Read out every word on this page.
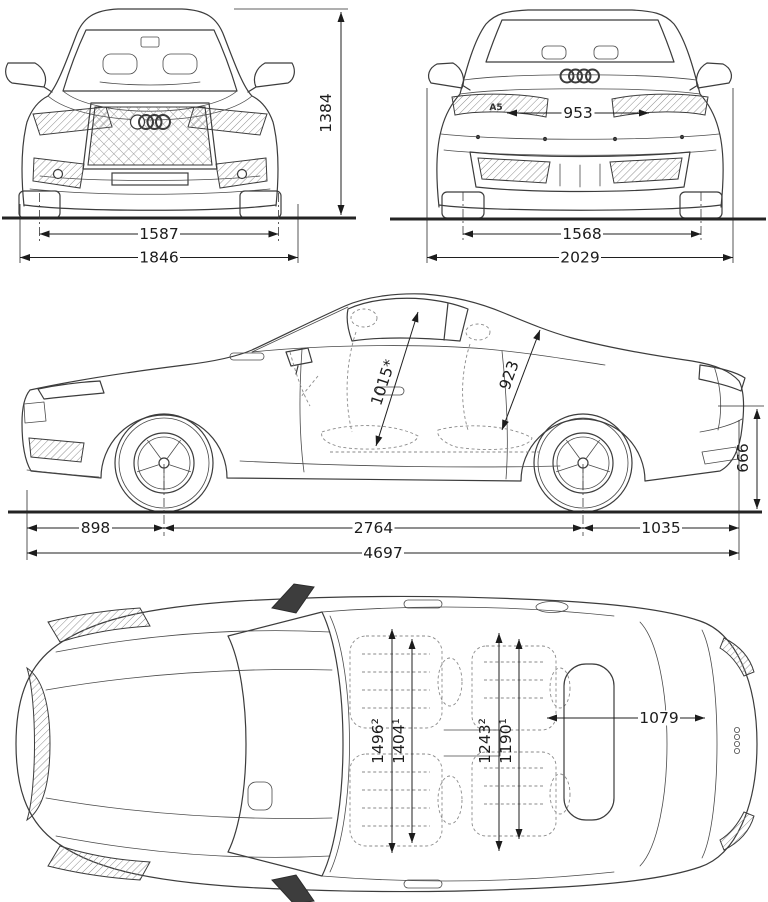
1384
1587
1846
953
A5
1568
2029
1015*	923
666
898	2764	1035
4697
1496² 1404¹	1243² 1190¹
1079
